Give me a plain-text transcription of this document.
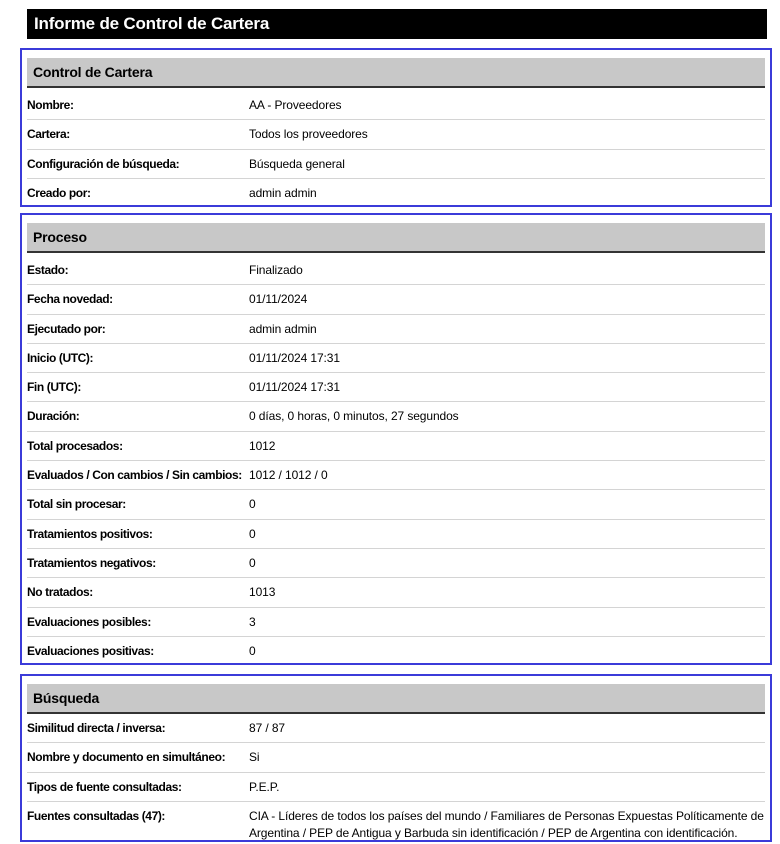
Informe de Control de Cartera
Control de Cartera
Nombre:	AA - Proveedores
Cartera:	Todos los proveedores
Configuración de búsqueda:	Búsqueda general
Creado por:	admin admin
Proceso
Estado:	Finalizado
Fecha novedad:	01/11/2024
Ejecutado por:	admin admin
Inicio (UTC):	01/11/2024 17:31
Fin (UTC):	01/11/2024 17:31
Duración:	0 días, 0 horas, 0 minutos, 27 segundos
Total procesados:	1012
Evaluados / Con cambios / Sin cambios: 1012 / 1012 / 0
Total sin procesar:	0
Tratamientos positivos:	0
Tratamientos negativos:	0
No tratados:	1013
Evaluaciones posibles:	3
Evaluaciones positivas:	0
Búsqueda
Similitud directa / inversa:	87 / 87
Nombre y documento en simultáneo: Si
Tipos de fuente consultadas:	P.E.P.
Fuentes consultadas (47):	CIA - Líderes de todos los países del mundo / Familiares de Personas Expuestas Políticamente de Argentina / PEP de Antigua y Barbuda sin identificación / PEP de Argentina con identificación.
